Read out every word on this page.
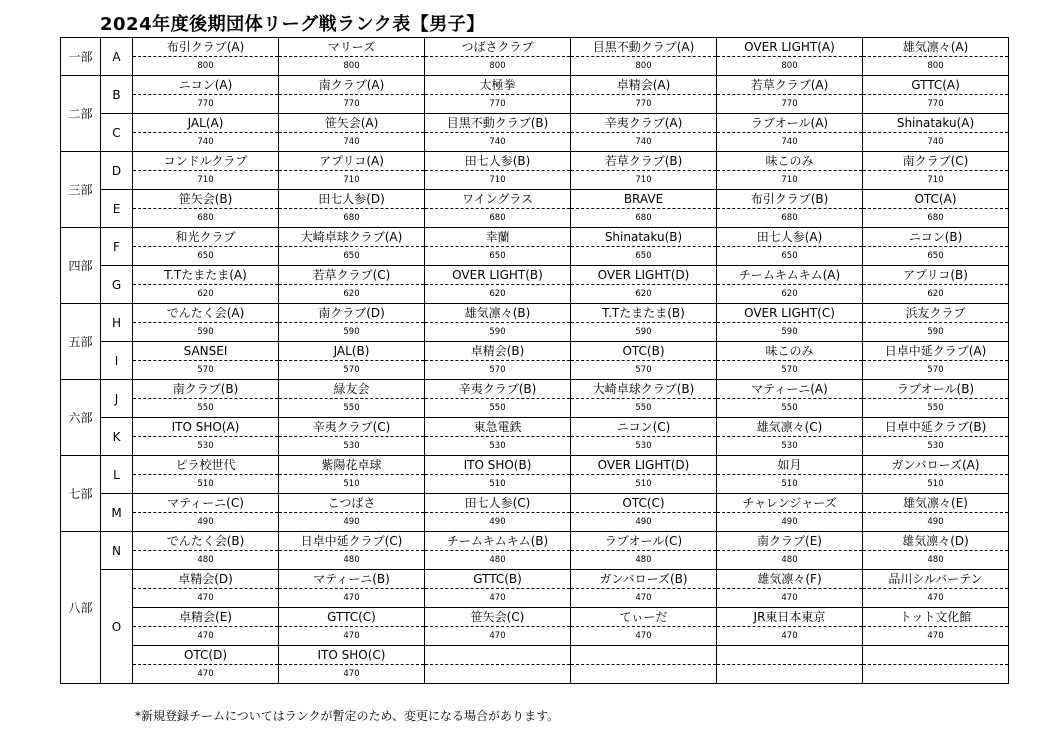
2024年度後期団体リーグ戦ランク表【男子】
一部	A	布引クラブ(A)	マリーズ	つばさクラブ	目黒不動クラブ(A)	OVER LIGHT(A)	雄気凛々(A)
		800	800	800	800	800	800
二部	B	ニコン(A)	南クラブ(A)	太極拳	卓精会(A)	若草クラブ(A)	GTTC(A)
		770	770	770	770	770	770
	C	JAL(A)	笹矢会(A)	目黒不動クラブ(B)	辛夷クラブ(A)	ラブオール(A)	Shinataku(A)
		740	740	740	740	740	740
三部	D	コンドルクラブ	アプリコ(A)	田七人参(B)	若草クラブ(B)	味このみ	南クラブ(C)
		710	710	710	710	710	710
	E	笹矢会(B)	田七人参(D)	ワイングラス	BRAVE	布引クラブ(B)	OTC(A)
		680	680	680	680	680	680
四部	F	和光クラブ	大崎卓球クラブ(A)	幸蘭	Shinataku(B)	田七人参(A)	ニコン(B)
		650	650	650	650	650	650
	G	T.Tたまたま(A)	若草クラブ(C)	OVER LIGHT(B)	OVER LIGHT(D)	チームキムキム(A)	アプリコ(B)
		620	620	620	620	620	620
五部	H	でんたく会(A)	南クラブ(D)	雄気凛々(B)	T.Tたまたま(B)	OVER LIGHT(C)	浜友クラブ
		590	590	590	590	590	590
	I	SANSEI	JAL(B)	卓精会(B)	OTC(B)	味このみ	日卓中延クラブ(A)
		570	570	570	570	570	570
六部	J	南クラブ(B)	緑友会	辛夷クラブ(B)	大崎卓球クラブ(B)	マティーニ(A)	ラブオール(B)
		550	550	550	550	550	550
	K	ITO SHO(A)	辛夷クラブ(C)	東急電鉄	ニコン(C)	雄気凛々(C)	日卓中延クラブ(B)
		530	530	530	530	530	530
七部	L	ピラ校世代	紫陽花卓球	ITO SHO(B)	OVER LIGHT(D)	如月	ガンバローズ(A)
		510	510	510	510	510	510
	M	マティーニ(C)	こつばさ	田七人参(C)	OTC(C)	チャレンジャーズ	雄気凛々(E)
		490	490	490	490	490	490
八部	N	でんたく会(B)	日卓中延クラブ(C)	チームキムキム(B)	ラブオール(C)	南クラブ(E)	雄気凛々(D)
		480	480	480	480	480	480
	O	卓精会(D)	マティーニ(B)	GTTC(B)	ガンバローズ(B)	雄気凛々(F)	品川シルバーテン
		470	470	470	470	470	470
		卓精会(E)	GTTC(C)	笹矢会(C)	てぃーだ	JR東日本東京	トット文化館
		470	470	470	470	470	470
		OTC(D)	ITO SHO(C)				
		470	470				
*新規登録チームについてはランクが暫定のため、変更になる場合があります。
